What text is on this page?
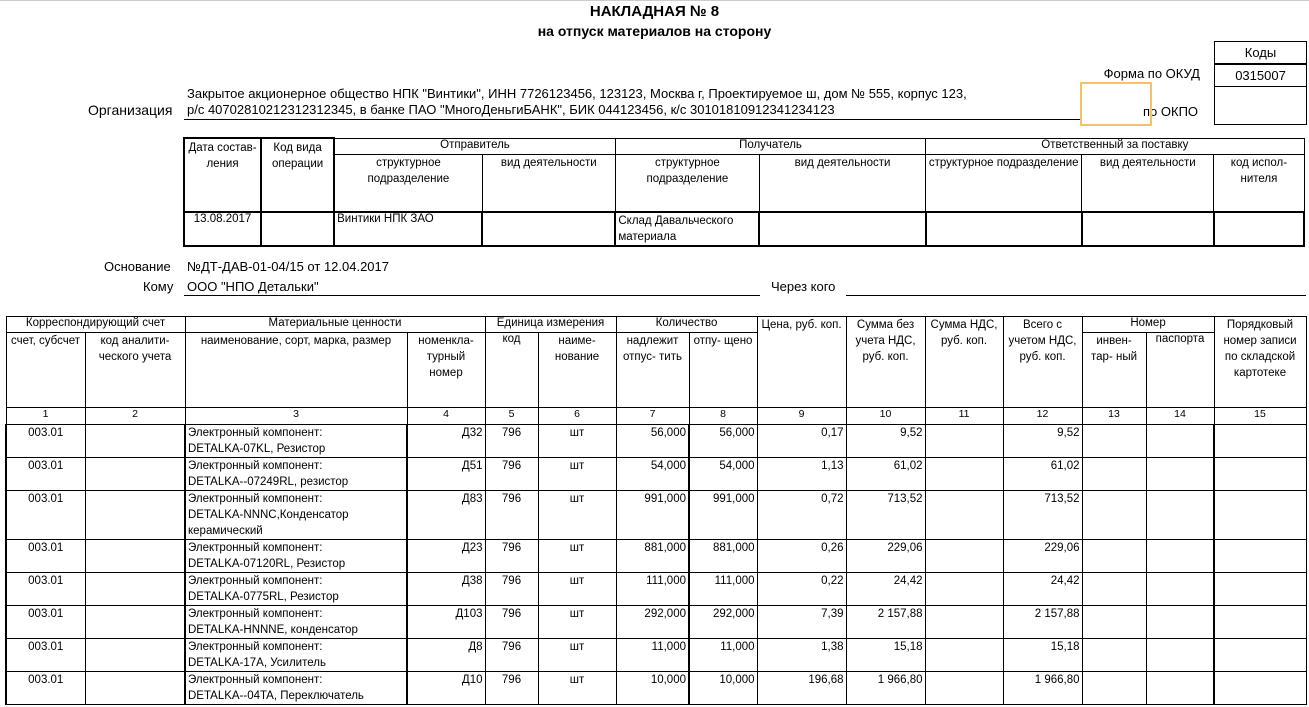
НАКЛАДНАЯ № 8
на отпуск материалов на сторону
Коды
0315007
Форма по ОКУД
по ОКПО
Организация
Закрытое акционерное общество НПК "Винтики", ИНН 7726123456, 123123, Москва г, Проектируемое ш, дом № 555, корпус 123,
р/с 40702810212312312345, в банке ПАО "МногоДеньгиБАНК", БИК 044123456, к/с 30101810912341234123
Дата состав- ления	Код вида операции	Отправитель		Получатель		Ответственный за поставку		
		структурное подразделение	вид деятельности	структурное подразделение	вид деятельности	структурное подразделение	вид деятельности	код испол- нителя
13.08.2017		Винтики НПК ЗАО		Склад Давальческого материала				
Основание №ДТ-ДАВ-01-04/15 от 12.04.2017
Кому ООО "НПО Детальки"	Через кого
Корреспондирующий счет		Материальные ценности		Единица измерения		Количество		Цена, руб. коп.	Сумма без учета НДС, руб. коп.	Сумма НДС, руб. коп.	Всего с учетом НДС, руб. коп.	Номер		Порядковый номер записи по складской картотеке
счет, субсчет	код аналити- ческого учета	наименование, сорт, марка, размер	номенкла- турный номер	код	наиме- нование	надлежит отпус- тить	отпу- щено					инвен- тар- ный	паспорта	
1	2	3	4	5	6	7	8	9	10	11	12	13	14	15
003.01		Электронный компонент:
DETALKA-07KL, Резистор	Д32	796	шт	56,000	56,000	0,17	9,52		9,52			
003.01		Электронный компонент:
DETALKA--07249RL, резистор	Д51	796	шт	54,000	54,000	1,13	61,02		61,02			
003.01		Электронный компонент:
DETALKA-NNNC,Конденсатор
керамический	Д83	796	шт	991,000	991,000	0,72	713,52		713,52			
003.01		Электронный компонент:
DETALKA-07120RL, Резистор	Д23	796	шт	881,000	881,000	0,26	229,06		229,06			
003.01		Электронный компонент:
DETALKA-0775RL, Резистор	Д38	796	шт	111,000	111,000	0,22	24,42		24,42			
003.01		Электронный компонент:
DETALKA-HNNNE, конденсатор	Д103	796	шт	292,000	292,000	7,39	2 157,88		2 157,88			
003.01		Электронный компонент:
DETALKA-17A, Усилитель	Д8	796	шт	11,000	11,000	1,38	15,18		15,18			
003.01		Электронный компонент:
DETALKA--04TA, Переключатель	Д10	796	шт	10,000	10,000	196,68	1 966,80		1 966,80			
